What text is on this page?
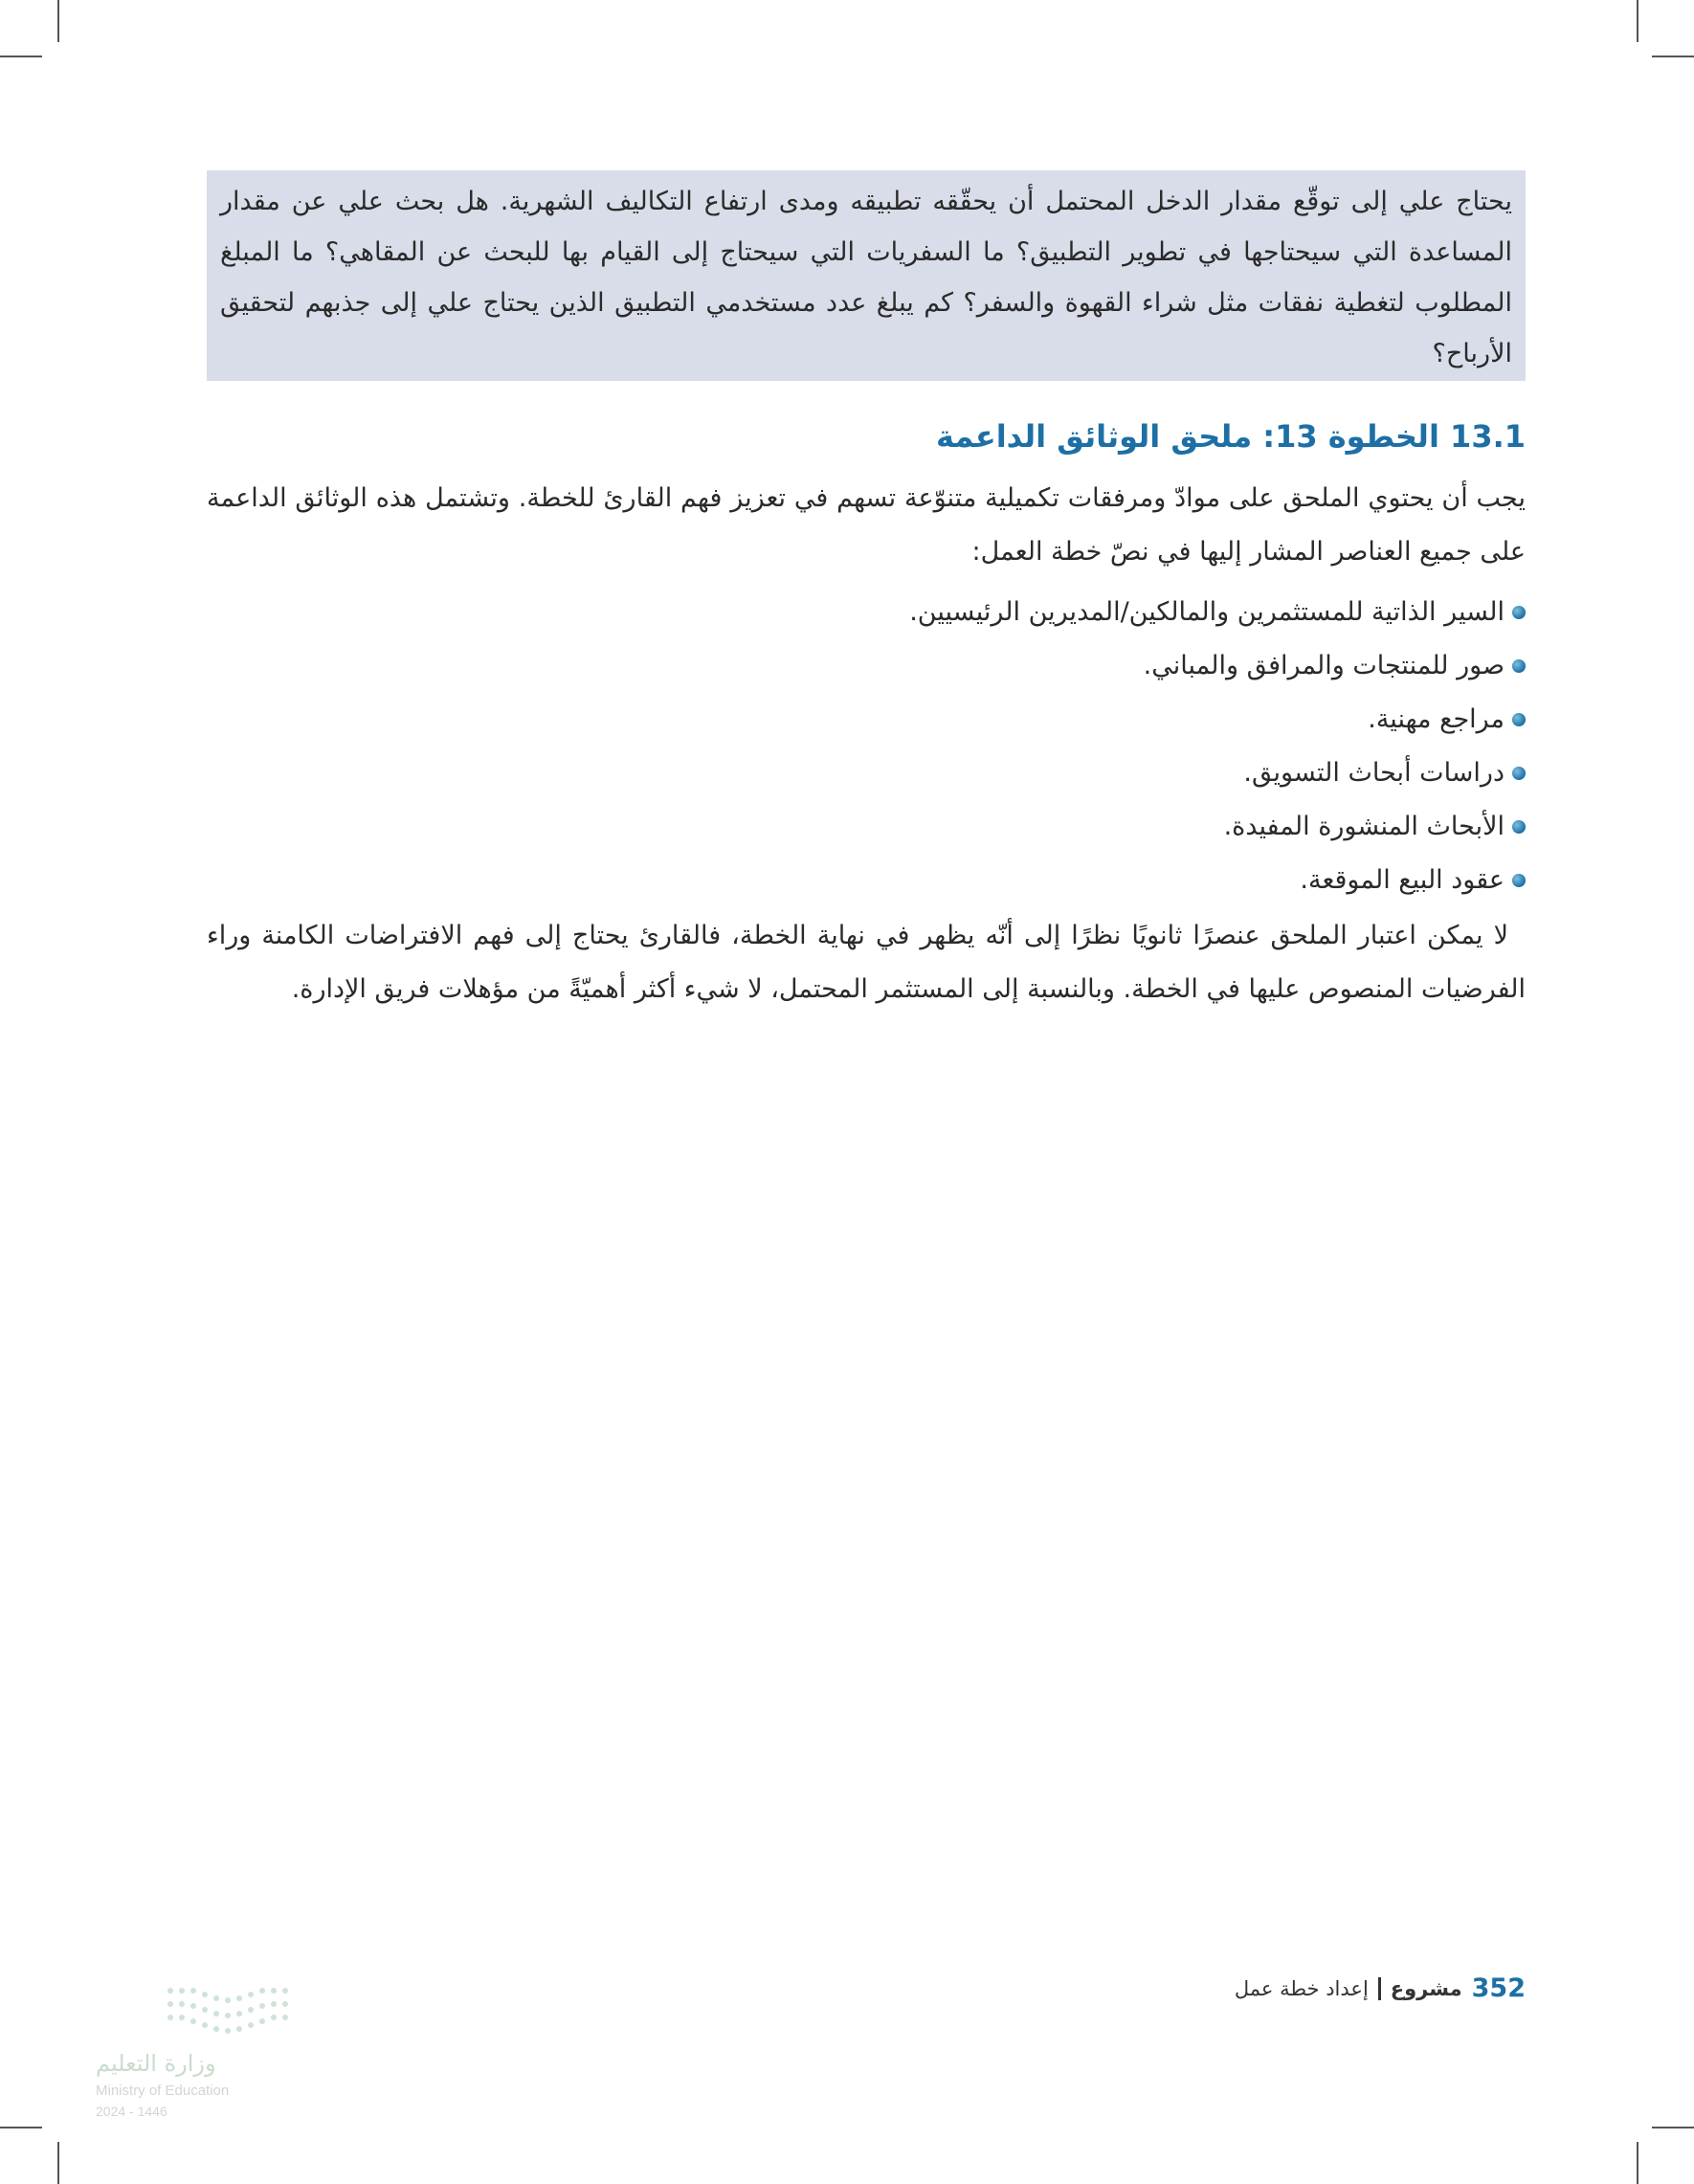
يحتاج علي إلى توقّع مقدار الدخل المحتمل أن يحقّقه تطبيقه ومدى ارتفاع التكاليف الشهرية. هل بحث علي عن مقدار المساعدة التي سيحتاجها في تطوير التطبيق؟ ما السفريات التي سيحتاج إلى القيام بها للبحث عن المقاهي؟ ما المبلغ المطلوب لتغطية نفقات مثل شراء القهوة والسفر؟ كم يبلغ عدد مستخدمي التطبيق الذين يحتاج علي إلى جذبهم لتحقيق الأرباح؟

13.1 الخطوة 13: ملحق الوثائق الداعمة

يجب أن يحتوي الملحق على موادّ ومرفقات تكميلية متنوّعة تسهم في تعزيز فهم القارئ للخطة. وتشتمل هذه الوثائق الداعمة على جميع العناصر المشار إليها في نصّ خطة العمل:

السير الذاتية للمستثمرين والمالكين/المديرين الرئيسيين.
صور للمنتجات والمرافق والمباني.
مراجع مهنية.
دراسات أبحاث التسويق.
الأبحاث المنشورة المفيدة.
عقود البيع الموقعة.

لا يمكن اعتبار الملحق عنصرًا ثانويًا نظرًا إلى أنّه يظهر في نهاية الخطة، فالقارئ يحتاج إلى فهم الافتراضات الكامنة وراء الفرضيات المنصوص عليها في الخطة. وبالنسبة إلى المستثمر المحتمل، لا شيء أكثر أهميّةً من مؤهلات فريق الإدارة.

352
مشروع
إعداد خطة عمل
وزارة التعليم
Ministry of Education
2024 - 1446
